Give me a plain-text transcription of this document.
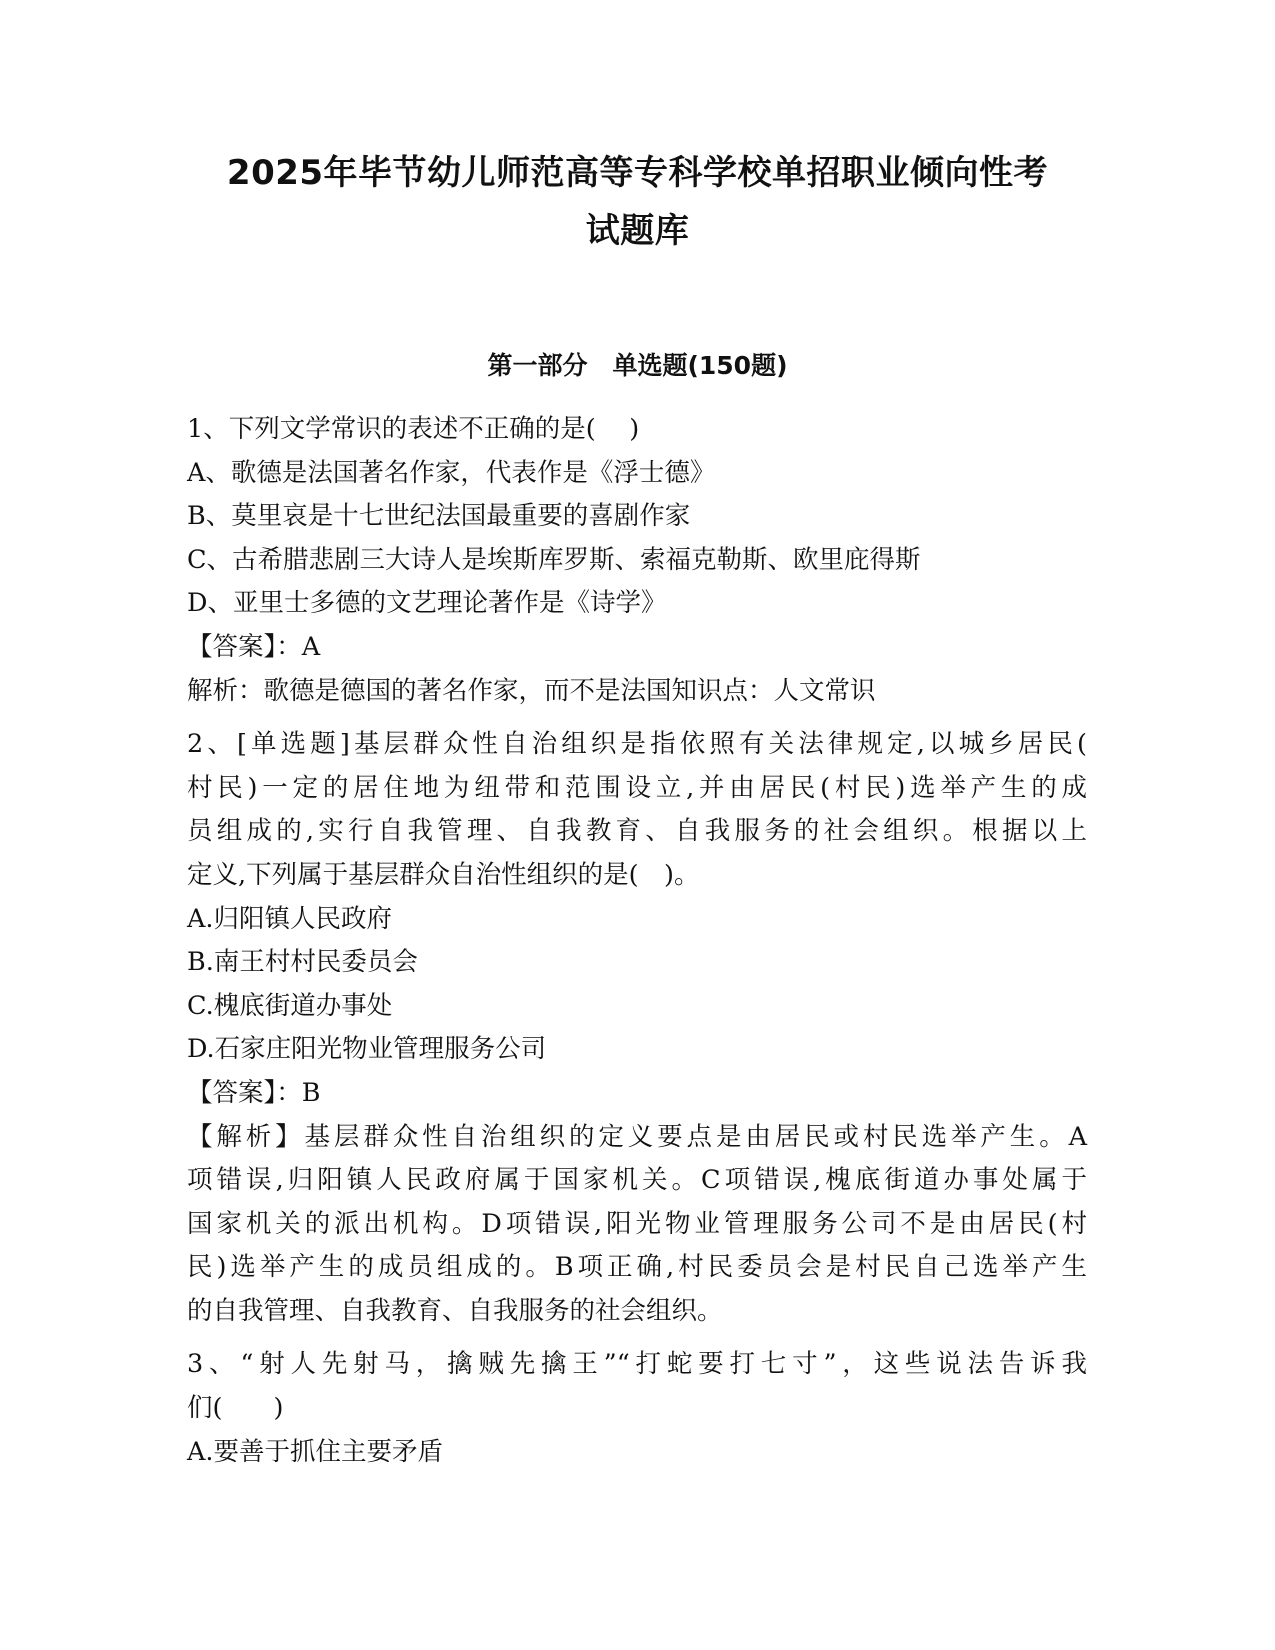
2025年毕节幼儿师范高等专科学校单招职业倾向性考
试题库
第一部分　单选题(150题)
1、下列文学常识的表述不正确的是(　 )
A、歌德是法国著名作家，代表作是《浮士德》
B、莫里哀是十七世纪法国最重要的喜剧作家
C、古希腊悲剧三大诗人是埃斯库罗斯、索福克勒斯、欧里庇得斯
D、亚里士多德的文艺理论著作是《诗学》
【答案】：A
解析：歌德是德国的著名作家，而不是法国知识点：人文常识
2、[单选题]基层群众性自治组织是指依照有关法律规定,以城乡居民(
村民)一定的居住地为纽带和范围设立,并由居民(村民)选举产生的成
员组成的,实行自我管理、自我教育、自我服务的社会组织。根据以上
定义,下列属于基层群众自治性组织的是(　)。
A.归阳镇人民政府
B.南王村村民委员会
C.槐底街道办事处
D.石家庄阳光物业管理服务公司
【答案】：B
【解析】基层群众性自治组织的定义要点是由居民或村民选举产生。A
项错误,归阳镇人民政府属于国家机关。C项错误,槐底街道办事处属于
国家机关的派出机构。D项错误,阳光物业管理服务公司不是由居民(村
民)选举产生的成员组成的。B项正确,村民委员会是村民自己选举产生
的自我管理、自我教育、自我服务的社会组织。
3、“射人先射马，擒贼先擒王”“打蛇要打七寸”，这些说法告诉我
们(　　)
A.要善于抓住主要矛盾
